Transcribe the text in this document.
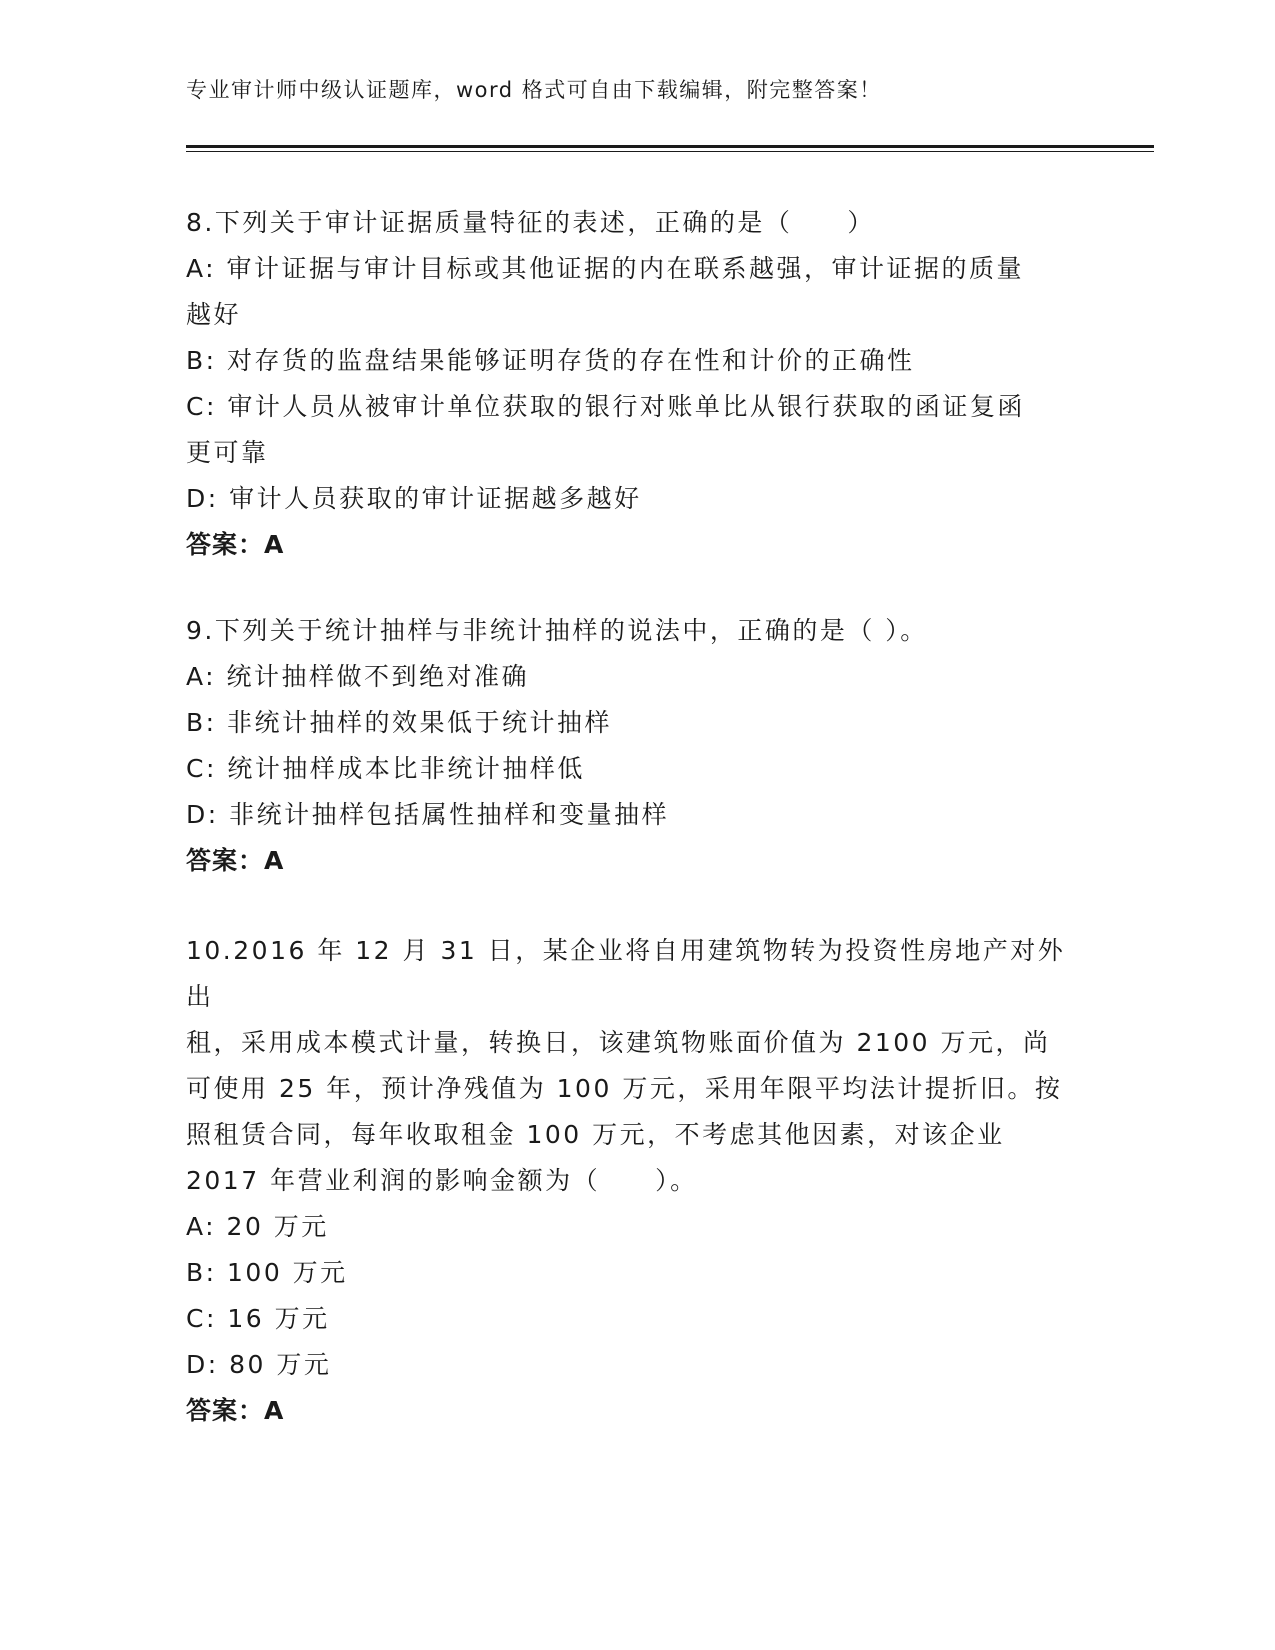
专业审计师中级认证题库，word 格式可自由下载编辑，附完整答案！

8.下列关于审计证据质量特征的表述，正确的是（　　）

A: 审计证据与审计目标或其他证据的内在联系越强，审计证据的质量

越好

B: 对存货的监盘结果能够证明存货的存在性和计价的正确性

C: 审计人员从被审计单位获取的银行对账单比从银行获取的函证复函

更可靠

D: 审计人员获取的审计证据越多越好

答案：A

9.下列关于统计抽样与非统计抽样的说法中，正确的是（ ）。

A: 统计抽样做不到绝对准确

B: 非统计抽样的效果低于统计抽样

C: 统计抽样成本比非统计抽样低

D: 非统计抽样包括属性抽样和变量抽样

答案：A

10.2016 年 12 月 31 日，某企业将自用建筑物转为投资性房地产对外出

租，采用成本模式计量，转换日，该建筑物账面价值为 2100 万元，尚

可使用 25 年，预计净残值为 100 万元，采用年限平均法计提折旧。按

照租赁合同，每年收取租金 100 万元，不考虑其他因素，对该企业

2017 年营业利润的影响金额为（　　）。

A: 20 万元

B: 100 万元

C: 16 万元

D: 80 万元

答案：A
